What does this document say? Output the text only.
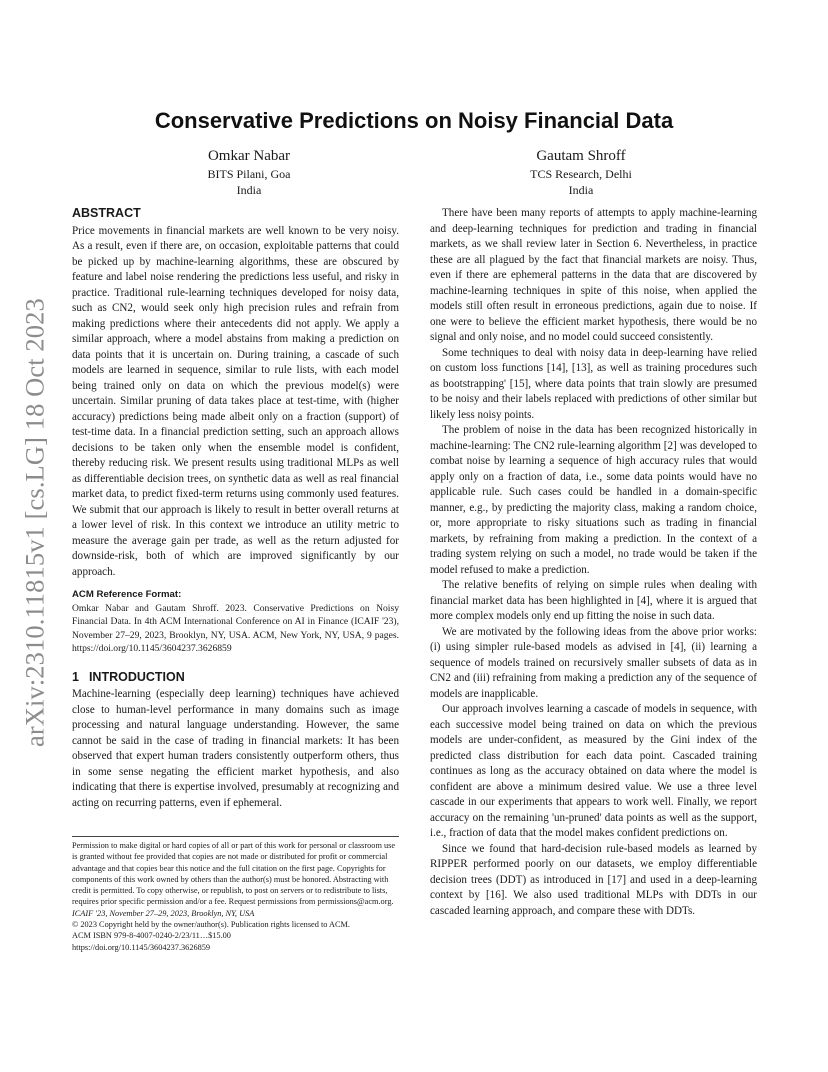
arXiv:2310.11815v1 [cs.LG] 18 Oct 2023
Conservative Predictions on Noisy Financial Data
Omkar Nabar
BITS Pilani, Goa
India
Gautam Shroff
TCS Research, Delhi
India
ABSTRACT

Price movements in financial markets are well known to be very noisy. As a result, even if there are, on occasion, exploitable patterns that could be picked up by machine-learning algorithms, these are obscured by feature and label noise rendering the predictions less useful, and risky in practice. Traditional rule-learning techniques developed for noisy data, such as CN2, would seek only high precision rules and refrain from making predictions where their antecedents did not apply. We apply a similar approach, where a model abstains from making a prediction on data points that it is uncertain on. During training, a cascade of such models are learned in sequence, similar to rule lists, with each model being trained only on data on which the previous model(s) were uncertain. Similar pruning of data takes place at test-time, with (higher accuracy) predictions being made albeit only on a fraction (support) of test-time data. In a financial prediction setting, such an approach allows decisions to be taken only when the ensemble model is confident, thereby reducing risk. We present results using traditional MLPs as well as differentiable decision trees, on synthetic data as well as real financial market data, to predict fixed-term returns using commonly used features. We submit that our approach is likely to result in better overall returns at a lower level of risk. In this context we introduce an utility metric to measure the average gain per trade, as well as the return adjusted for downside-risk, both of which are improved significantly by our approach.

ACM Reference Format:
Omkar Nabar and Gautam Shroff. 2023. Conservative Predictions on Noisy Financial Data. In 4th ACM International Conference on AI in Finance (ICAIF '23), November 27–29, 2023, Brooklyn, NY, USA. ACM, New York, NY, USA, 9 pages. https://doi.org/10.1145/3604237.3626859
1 INTRODUCTION

Machine-learning (especially deep learning) techniques have achieved close to human-level performance in many domains such as image processing and natural language understanding. However, the same cannot be said in the case of trading in financial markets: It has been observed that expert human traders consistently outperform others, thus in some sense negating the efficient market hypothesis, and also indicating that there is expertise involved, presumably at recognizing and acting on recurring patterns, even if ephemeral.

Permission to make digital or hard copies of all or part of this work for personal or classroom use is granted without fee provided that copies are not made or distributed for profit or commercial advantage and that copies bear this notice and the full citation on the first page. Copyrights for components of this work owned by others than the author(s) must be honored. Abstracting with credit is permitted. To copy otherwise, or republish, to post on servers or to redistribute to lists, requires prior specific permission and/or a fee. Request permissions from permissions@acm.org.
ICAIF '23, November 27–29, 2023, Brooklyn, NY, USA
© 2023 Copyright held by the owner/author(s). Publication rights licensed to ACM.
ACM ISBN 979-8-4007-0240-2/23/11…$15.00
https://doi.org/10.1145/3604237.3626859

There have been many reports of attempts to apply machine-learning and deep-learning techniques for prediction and trading in financial markets, as we shall review later in Section 6. Nevertheless, in practice these are all plagued by the fact that financial markets are noisy. Thus, even if there are ephemeral patterns in the data that are discovered by machine-learning techniques in spite of this noise, when applied the models still often result in erroneous predictions, again due to noise. If one were to believe the efficient market hypothesis, there would be no signal and only noise, and no model could succeed consistently.

Some techniques to deal with noisy data in deep-learning have relied on custom loss functions [14], [13], as well as training procedures such as bootstrapping' [15], where data points that train slowly are presumed to be noisy and their labels replaced with predictions of other similar but likely less noisy points.

The problem of noise in the data has been recognized historically in machine-learning: The CN2 rule-learning algorithm [2] was developed to combat noise by learning a sequence of high accuracy rules that would apply only on a fraction of data, i.e., some data points would have no applicable rule. Such cases could be handled in a domain-specific manner, e.g., by predicting the majority class, making a random choice, or, more appropriate to risky situations such as trading in financial markets, by refraining from making a prediction. In the context of a trading system relying on such a model, no trade would be taken if the model refused to make a prediction.

The relative benefits of relying on simple rules when dealing with financial market data has been highlighted in [4], where it is argued that more complex models only end up fitting the noise in such data.

We are motivated by the following ideas from the above prior works: (i) using simpler rule-based models as advised in [4], (ii) learning a sequence of models trained on recursively smaller subsets of data as in CN2 and (iii) refraining from making a prediction any of the sequence of models are inapplicable.

Our approach involves learning a cascade of models in sequence, with each successive model being trained on data on which the previous models are under-confident, as measured by the Gini index of the predicted class distribution for each data point. Cascaded training continues as long as the accuracy obtained on data where the model is confident are above a minimum desired value. We use a three level cascade in our experiments that appears to work well. Finally, we report accuracy on the remaining 'un-pruned' data points as well as the support, i.e., fraction of data that the model makes confident predictions on.

Since we found that hard-decision rule-based models as learned by RIPPER performed poorly on our datasets, we employ differentiable decision trees (DDT) as introduced in [17] and used in a deep-learning context by [16]. We also used traditional MLPs with DDTs in our cascaded learning approach, and compare these with DDTs.
